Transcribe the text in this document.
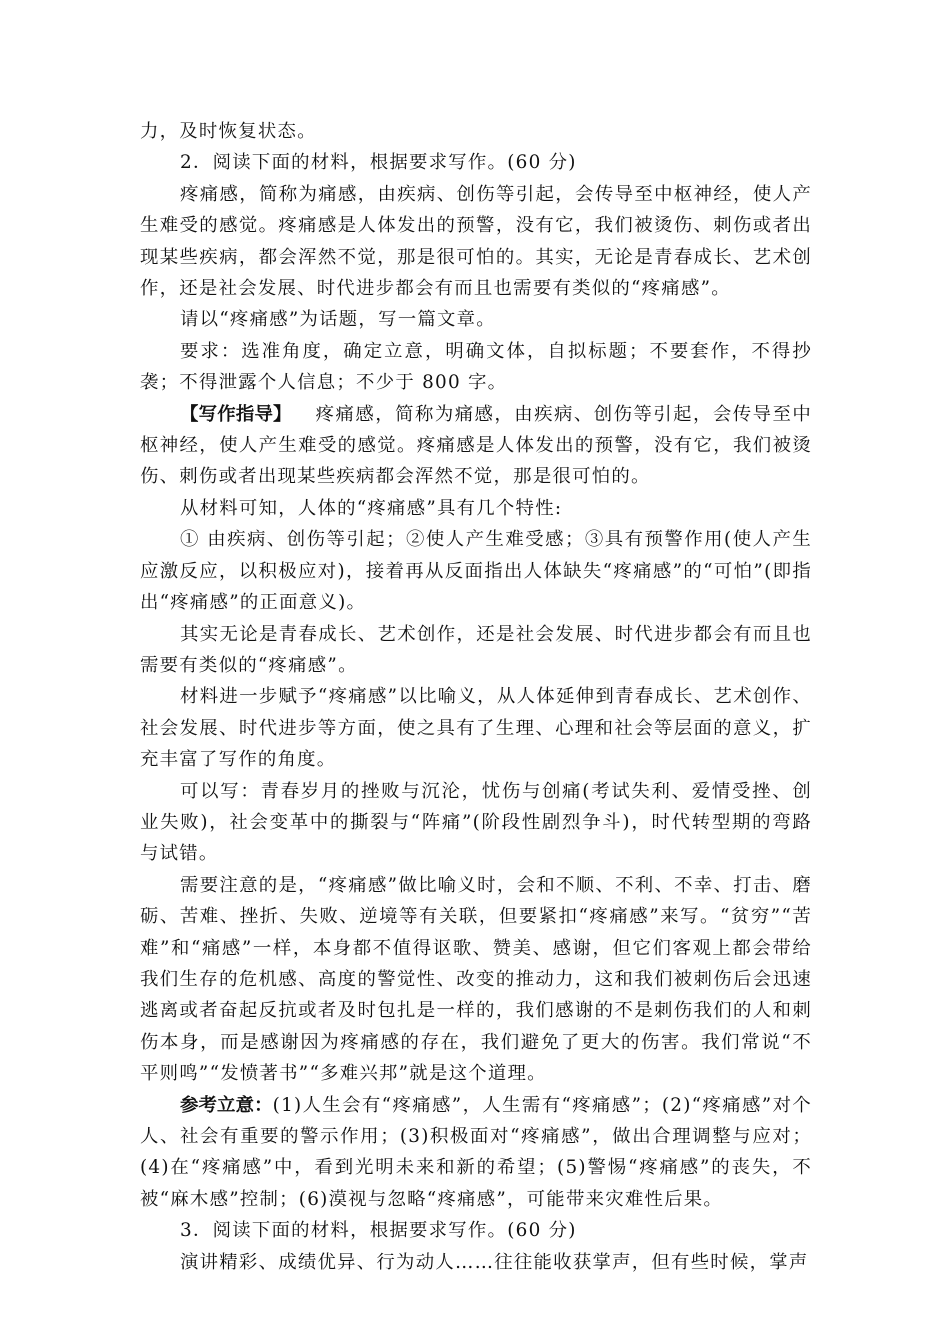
力，及时恢复状态。

2．阅读下面的材料，根据要求写作。(60 分)

疼痛感，简称为痛感，由疾病、创伤等引起，会传导至中枢神经，使人产生难受的感觉。疼痛感是人体发出的预警，没有它，我们被烫伤、刺伤或者出现某些疾病，都会浑然不觉，那是很可怕的。其实，无论是青春成长、艺术创作，还是社会发展、时代进步都会有而且也需要有类似的“疼痛感”。

请以“疼痛感”为话题，写一篇文章。

要求：选准角度，确定立意，明确文体，自拟标题；不要套作，不得抄袭；不得泄露个人信息；不少于 800 字。

【写作指导】 疼痛感，简称为痛感，由疾病、创伤等引起，会传导至中枢神经，使人产生难受的感觉。疼痛感是人体发出的预警，没有它，我们被烫伤、刺伤或者出现某些疾病都会浑然不觉，那是很可怕的。

从材料可知，人体的“疼痛感”具有几个特性:

① 由疾病、创伤等引起；②使人产生难受感；③具有预警作用(使人产生应激反应，以积极应对)，接着再从反面指出人体缺失“疼痛感”的“可怕”(即指出“疼痛感”的正面意义)。

其实无论是青春成长、艺术创作，还是社会发展、时代进步都会有而且也需要有类似的“疼痛感”。

材料进一步赋予“疼痛感”以比喻义，从人体延伸到青春成长、艺术创作、社会发展、时代进步等方面，使之具有了生理、心理和社会等层面的意义，扩充丰富了写作的角度。

可以写：青春岁月的挫败与沉沦，忧伤与创痛(考试失利、爱情受挫、创业失败)，社会变革中的撕裂与“阵痛”(阶段性剧烈争斗)，时代转型期的弯路与试错。

需要注意的是，“疼痛感”做比喻义时，会和不顺、不利、不幸、打击、磨砺、苦难、挫折、失败、逆境等有关联，但要紧扣“疼痛感”来写。“贫穷”“苦难”和“痛感”一样，本身都不值得讴歌、赞美、感谢，但它们客观上都会带给我们生存的危机感、高度的警觉性、改变的推动力，这和我们被刺伤后会迅速逃离或者奋起反抗或者及时包扎是一样的，我们感谢的不是刺伤我们的人和刺伤本身，而是感谢因为疼痛感的存在，我们避免了更大的伤害。我们常说“不平则鸣”“发愤著书”“多难兴邦”就是这个道理。

参考立意：(1)人生会有“疼痛感”，人生需有“疼痛感”；(2)“疼痛感”对个人、社会有重要的警示作用；(3)积极面对“疼痛感”，做出合理调整与应对；(4)在“疼痛感”中，看到光明未来和新的希望；(5)警惕“疼痛感”的丧失，不被“麻木感”控制；(6)漠视与忽略“疼痛感”，可能带来灾难性后果。

3．阅读下面的材料，根据要求写作。(60 分)

演讲精彩、成绩优异、行为动人……往往能收获掌声，但有些时候，掌声
